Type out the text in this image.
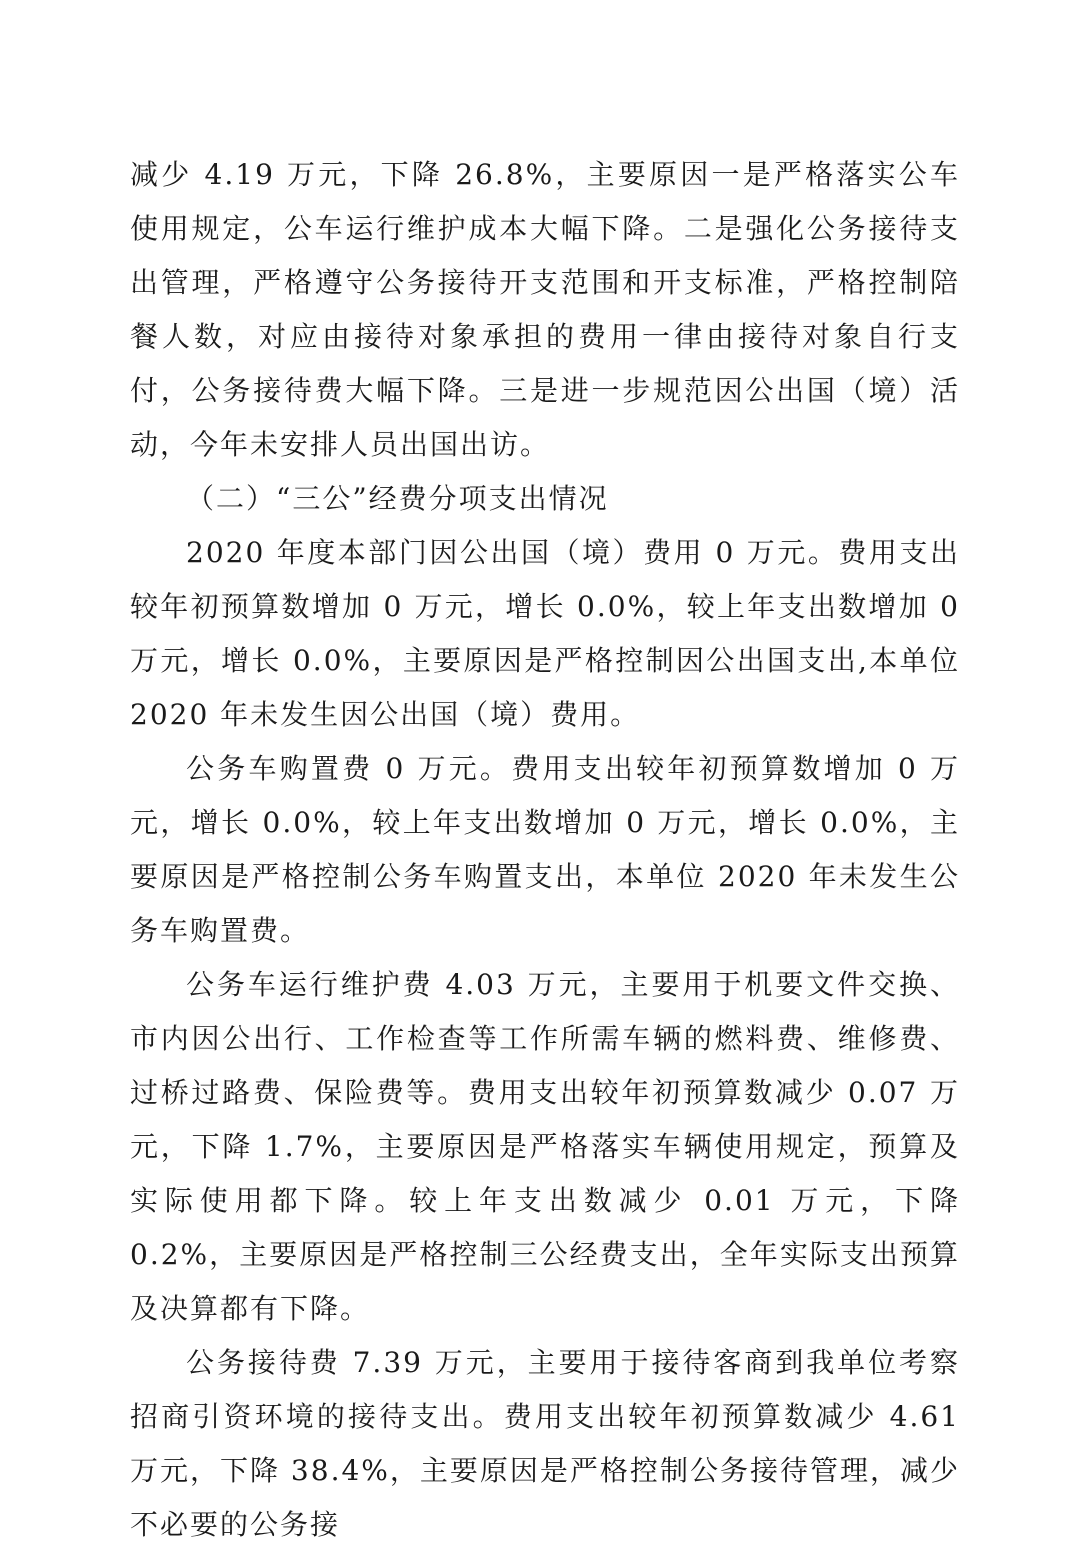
减少 4.19 万元，下降 26.8%，主要原因一是严格落实公车使用规定，公车运行维护成本大幅下降。二是强化公务接待支出管理，严格遵守公务接待开支范围和开支标准，严格控制陪餐人数，对应由接待对象承担的费用一律由接待对象自行支付，公务接待费大幅下降。三是进一步规范因公出国（境）活动，今年未安排人员出国出访。

（二）“三公”经费分项支出情况

2020 年度本部门因公出国（境）费用 0 万元。费用支出较年初预算数增加 0 万元，增长 0.0%，较上年支出数增加 0 万元，增长 0.0%，主要原因是严格控制因公出国支出,本单位 2020 年未发生因公出国（境）费用。

公务车购置费 0 万元。费用支出较年初预算数增加 0 万元，增长 0.0%，较上年支出数增加 0 万元，增长 0.0%，主要原因是严格控制公务车购置支出，本单位 2020 年未发生公务车购置费。

公务车运行维护费 4.03 万元，主要用于机要文件交换、市内因公出行、工作检查等工作所需车辆的燃料费、维修费、过桥过路费、保险费等。费用支出较年初预算数减少 0.07 万元，下降 1.7%，主要原因是严格落实车辆使用规定，预算及实际使用都下降。较上年支出数减少 0.01 万元，下降 0.2%，主要原因是严格控制三公经费支出，全年实际支出预算及决算都有下降。

公务接待费 7.39 万元，主要用于接待客商到我单位考察招商引资环境的接待支出。费用支出较年初预算数减少 4.61 万元，下降 38.4%，主要原因是严格控制公务接待管理，减少不必要的公务接
